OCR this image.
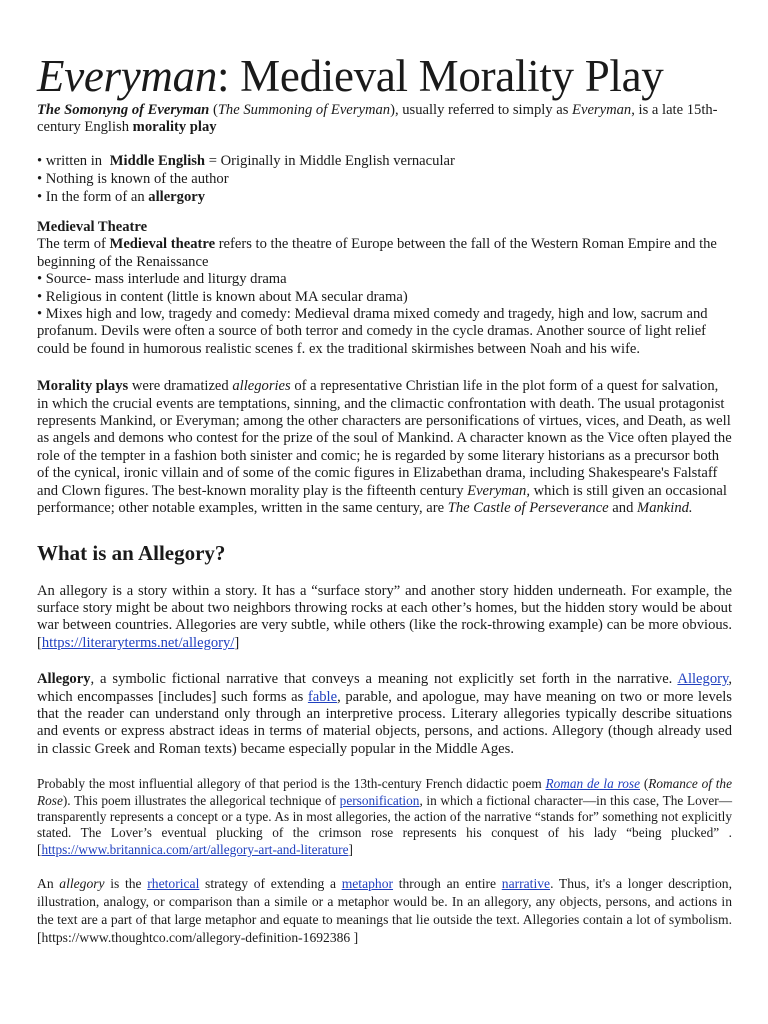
Everyman: Medieval Morality Play

The Somonyng of Everyman (The Summoning of Everyman), usually referred to simply as Everyman, is a late 15th-century English morality play

• written in Middle English = Originally in Middle English vernacular
• Nothing is known of the author
• In the form of an allergory
Medieval Theatre

The term of Medieval theatre refers to the theatre of Europe between the fall of the Western Roman Empire and the beginning of the Renaissance

• Source- mass interlude and liturgy drama

• Religious in content (little is known about MA secular drama)

• Mixes high and low, tragedy and comedy: Medieval drama mixed comedy and tragedy, high and low, sacrum and profanum. Devils were often a source of both terror and comedy in the cycle dramas. Another source of light relief could be found in humorous realistic scenes f. ex the traditional skirmishes between Noah and his wife.

Morality plays were dramatized allegories of a representative Christian life in the plot form of a quest for salvation, in which the crucial events are temptations, sinning, and the climactic confrontation with death. The usual protagonist represents Mankind, or Everyman; among the other characters are personifications of virtues, vices, and Death, as well as angels and demons who contest for the prize of the soul of Mankind. A character known as the Vice often played the role of the tempter in a fashion both sinister and comic; he is regarded by some literary historians as a precursor both of the cynical, ironic villain and of some of the comic figures in Elizabethan drama, including Shakespeare's Falstaff and Clown figures. The best-known morality play is the fifteenth century Everyman, which is still given an occasional performance; other notable examples, written in the same century, are The Castle of Perseverance and Mankind.

What is an Allegory?

An allegory is a story within a story. It has a “surface story” and another story hidden underneath. For example, the surface story might be about two neighbors throwing rocks at each other’s homes, but the hidden story would be about war between countries. Allegories are very subtle, while others (like the rock-throwing example) can be more obvious. [https://literaryterms.net/allegory/]

Allegory, a symbolic fictional narrative that conveys a meaning not explicitly set forth in the narrative. Allegory, which encompasses [includes] such forms as fable, parable, and apologue, may have meaning on two or more levels that the reader can understand only through an interpretive process. Literary allegories typically describe situations and events or express abstract ideas in terms of material objects, persons, and actions. Allegory (though already used in classic Greek and Roman texts) became especially popular in the Middle Ages.

Probably the most influential allegory of that period is the 13th-century French didactic poem Roman de la rose (Romance of the Rose). This poem illustrates the allegorical technique of personification, in which a fictional character—in this case, The Lover—transparently represents a concept or a type. As in most allegories, the action of the narrative “stands for” something not explicitly stated. The Lover’s eventual plucking of the crimson rose represents his conquest of his lady “being plucked” . [https://www.britannica.com/art/allegory-art-and-literature]

An allegory is the rhetorical strategy of extending a metaphor through an entire narrative. Thus, it's a longer description, illustration, analogy, or comparison than a simile or a metaphor would be. In an allegory, any objects, persons, and actions in the text are a part of that large metaphor and equate to meanings that lie outside the text. Allegories contain a lot of symbolism. [https://www.thoughtco.com/allegory-definition-1692386 ]
